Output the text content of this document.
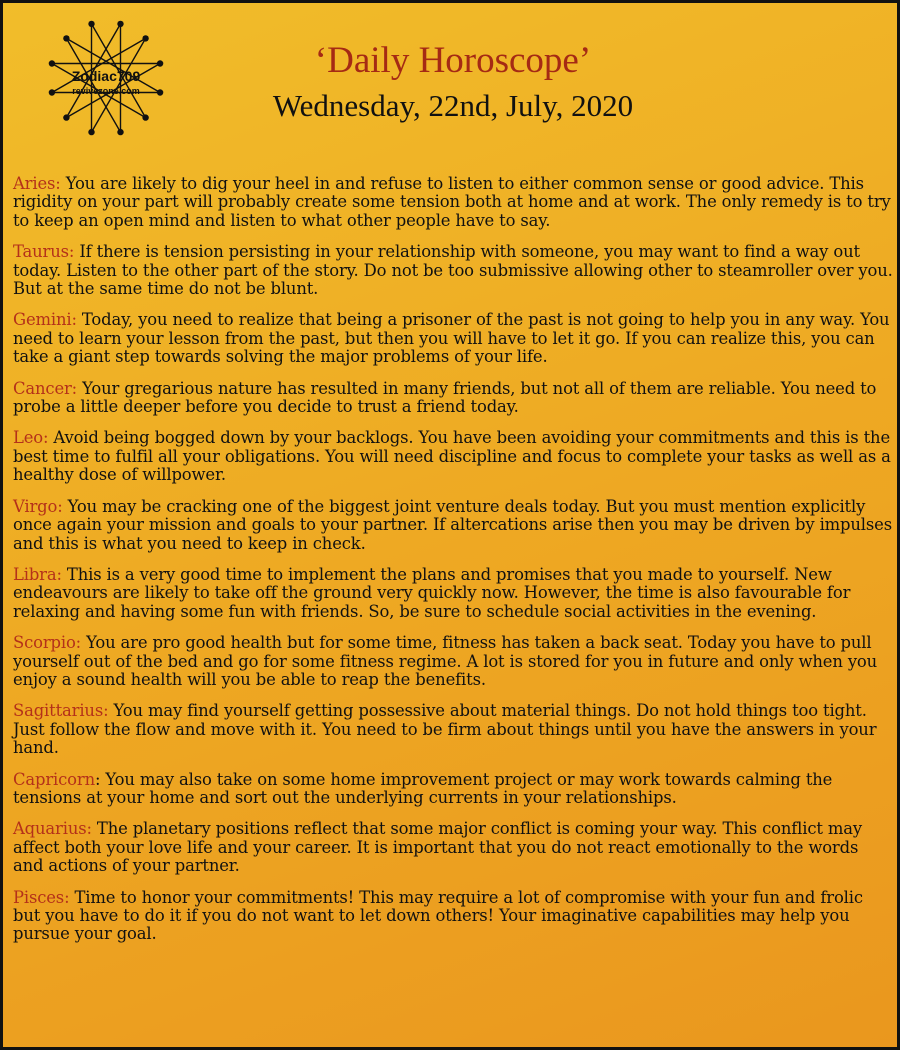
Zodiac709
revivezone.com
‘Daily Horoscope’
Wednesday, 22nd, July, 2020

Aries: You are likely to dig your heel in and refuse to listen to either common sense or good advice. This rigidity on your part will probably create some tension both at home and at work. The only remedy is to try to keep an open mind and listen to what other people have to say.

Taurus: If there is tension persisting in your relationship with someone, you may want to find a way out today. Listen to the other part of the story. Do not be too submissive allowing other to steamroller over you. But at the same time do not be blunt.

Gemini: Today, you need to realize that being a prisoner of the past is not going to help you in any way. You need to learn your lesson from the past, but then you will have to let it go. If you can realize this, you can take a giant step towards solving the major problems of your life.

Cancer: Your gregarious nature has resulted in many friends, but not all of them are reliable. You need to probe a little deeper before you decide to trust a friend today.

Leo: Avoid being bogged down by your backlogs. You have been avoiding your commitments and this is the best time to fulfil all your obligations. You will need discipline and focus to complete your tasks as well as a healthy dose of willpower.

Virgo: You may be cracking one of the biggest joint venture deals today. But you must mention explicitly once again your mission and goals to your partner. If altercations arise then you may be driven by impulses and this is what you need to keep in check.

Libra: This is a very good time to implement the plans and promises that you made to yourself. New endeavours are likely to take off the ground very quickly now. However, the time is also favourable for relaxing and having some fun with friends. So, be sure to schedule social activities in the evening.

Scorpio: You are pro good health but for some time, fitness has taken a back seat. Today you have to pull yourself out of the bed and go for some fitness regime. A lot is stored for you in future and only when you enjoy a sound health will you be able to reap the benefits.

Sagittarius: You may find yourself getting possessive about material things. Do not hold things too tight. Just follow the flow and move with it. You need to be firm about things until you have the answers in your hand.

Capricorn: You may also take on some home improvement project or may work towards calming the tensions at your home and sort out the underlying currents in your relationships.

Aquarius: The planetary positions reflect that some major conflict is coming your way. This conflict may affect both your love life and your career. It is important that you do not react emotionally to the words and actions of your partner.

Pisces: Time to honor your commitments! This may require a lot of compromise with your fun and frolic but you have to do it if you do not want to let down others! Your imaginative capabilities may help you pursue your goal.
